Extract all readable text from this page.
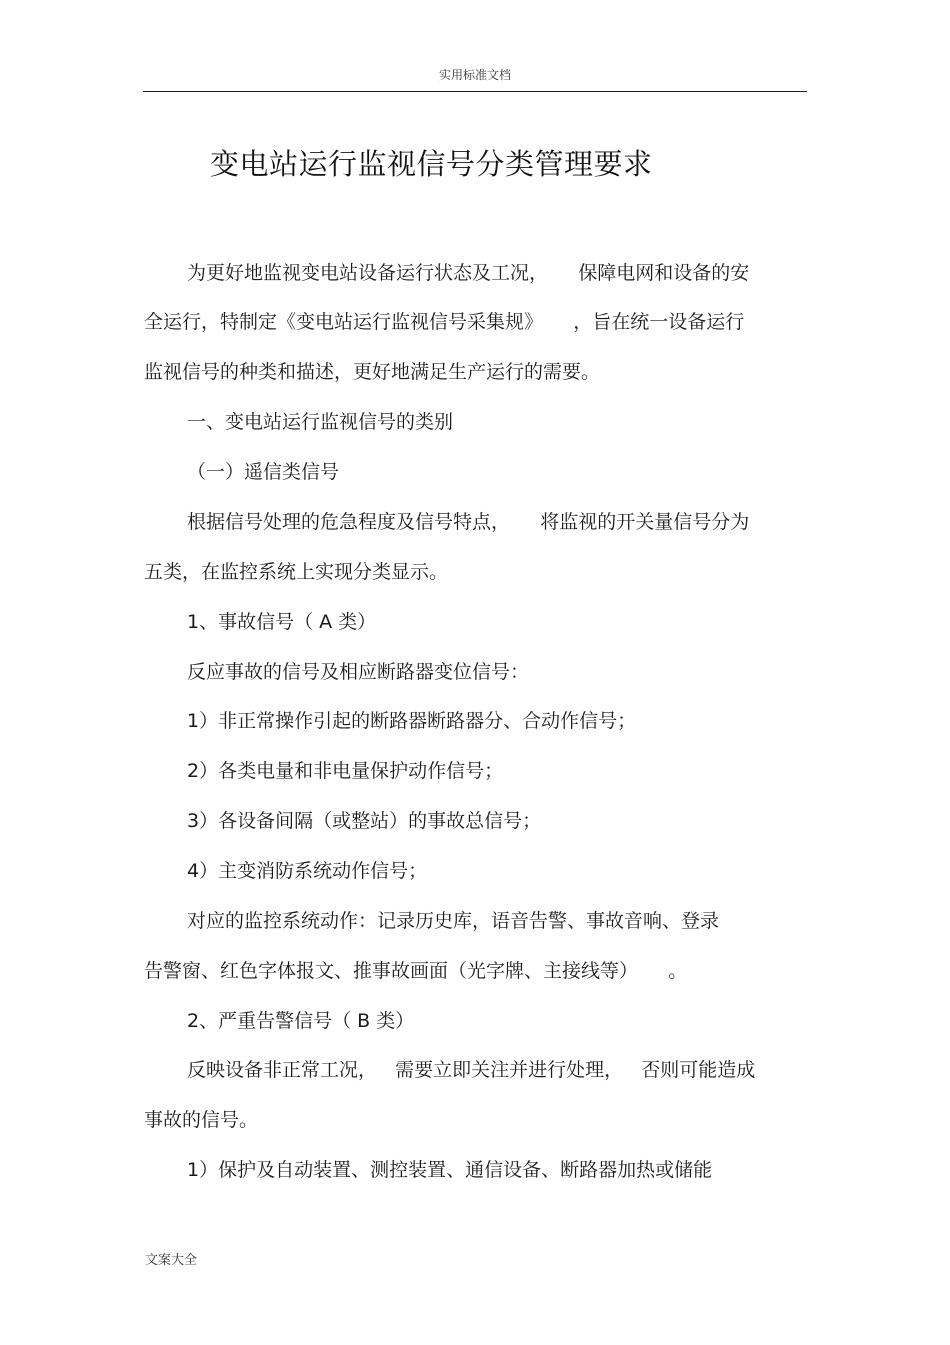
实用标准文档
变电站运行监视信号分类管理要求
为更好地监视变电站设备运行状态及工况，     保障电网和设备的安
全运行，特制定《变电站运行监视信号采集规》     ，旨在统一设备运行
监视信号的种类和描述，更好地满足生产运行的需要。
一、变电站运行监视信号的类别
（一）遥信类信号
根据信号处理的危急程度及信号特点，     将监视的开关量信号分为
五类，在监控系统上实现分类显示。
1、事故信号（ A 类）
反应事故的信号及相应断路器变位信号：
1）非正常操作引起的断路器断路器分、合动作信号；
2）各类电量和非电量保护动作信号；
3）各设备间隔（或整站）的事故总信号；
4）主变消防系统动作信号；
对应的监控系统动作：记录历史库，语音告警、事故音响、登录
告警窗、红色字体报文、推事故画面（光字牌、主接线等）     。
2、严重告警信号（ B 类）
反映设备非正常工况，   需要立即关注并进行处理，   否则可能造成
事故的信号。
1）保护及自动装置、测控装置、通信设备、断路器加热或储能
文案大全
